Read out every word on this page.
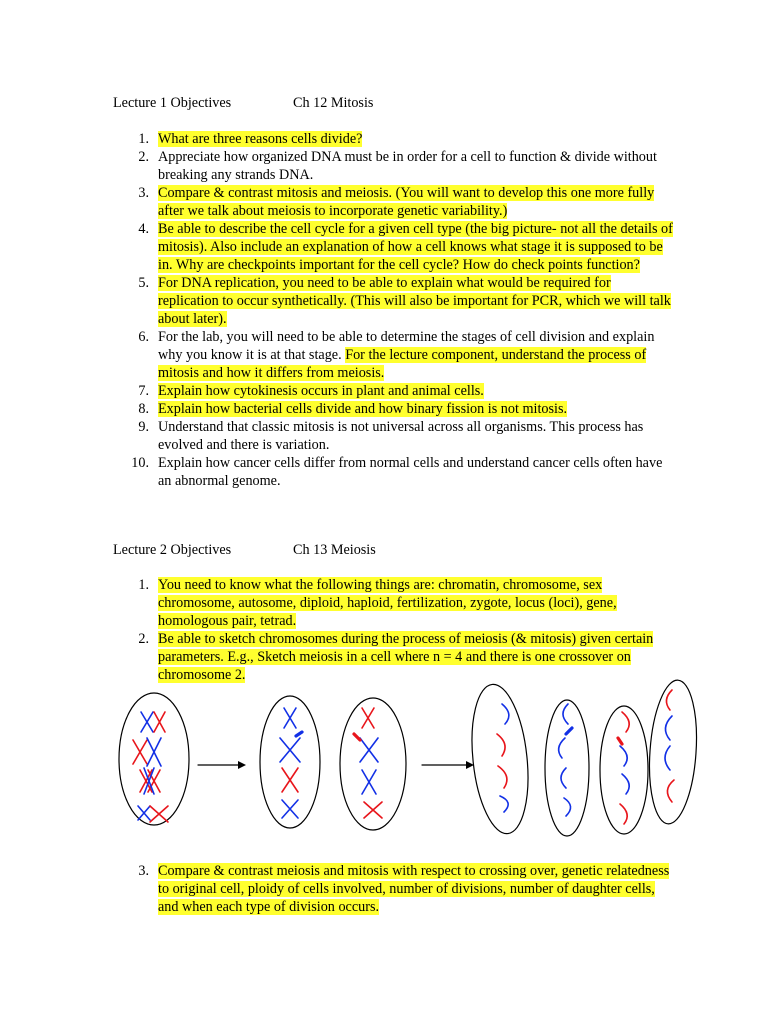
Lecture 1 Objectives	Ch 12 Mitosis
1. What are three reasons cells divide?
2. Appreciate how organized DNA must be in order for a cell to function & divide without breaking any strands DNA.
3. Compare & contrast mitosis and meiosis. (You will want to develop this one more fully after we talk about meiosis to incorporate genetic variability.)
4. Be able to describe the cell cycle for a given cell type (the big picture- not all the details of mitosis). Also include an explanation of how a cell knows what stage it is supposed to be in. Why are checkpoints important for the cell cycle? How do check points function?
5. For DNA replication, you need to be able to explain what would be required for replication to occur synthetically. (This will also be important for PCR, which we will talk about later).
6. For the lab, you will need to be able to determine the stages of cell division and explain why you know it is at that stage. For the lecture component, understand the process of mitosis and how it differs from meiosis.
7. Explain how cytokinesis occurs in plant and animal cells.
8. Explain how bacterial cells divide and how binary fission is not mitosis.
9. Understand that classic mitosis is not universal across all organisms. This process has evolved and there is variation.
10. Explain how cancer cells differ from normal cells and understand cancer cells often have an abnormal genome.
Lecture 2 Objectives	Ch 13 Meiosis
1. You need to know what the following things are: chromatin, chromosome, sex chromosome, autosome, diploid, haploid, fertilization, zygote, locus (loci), gene, homologous pair, tetrad.
2. Be able to sketch chromosomes during the process of meiosis (& mitosis) given certain parameters. E.g., Sketch meiosis in a cell where n = 4 and there is one crossover on chromosome 2.
3. Compare & contrast meiosis and mitosis with respect to crossing over, genetic relatedness to original cell, ploidy of cells involved, number of divisions, number of daughter cells, and when each type of division occurs.
